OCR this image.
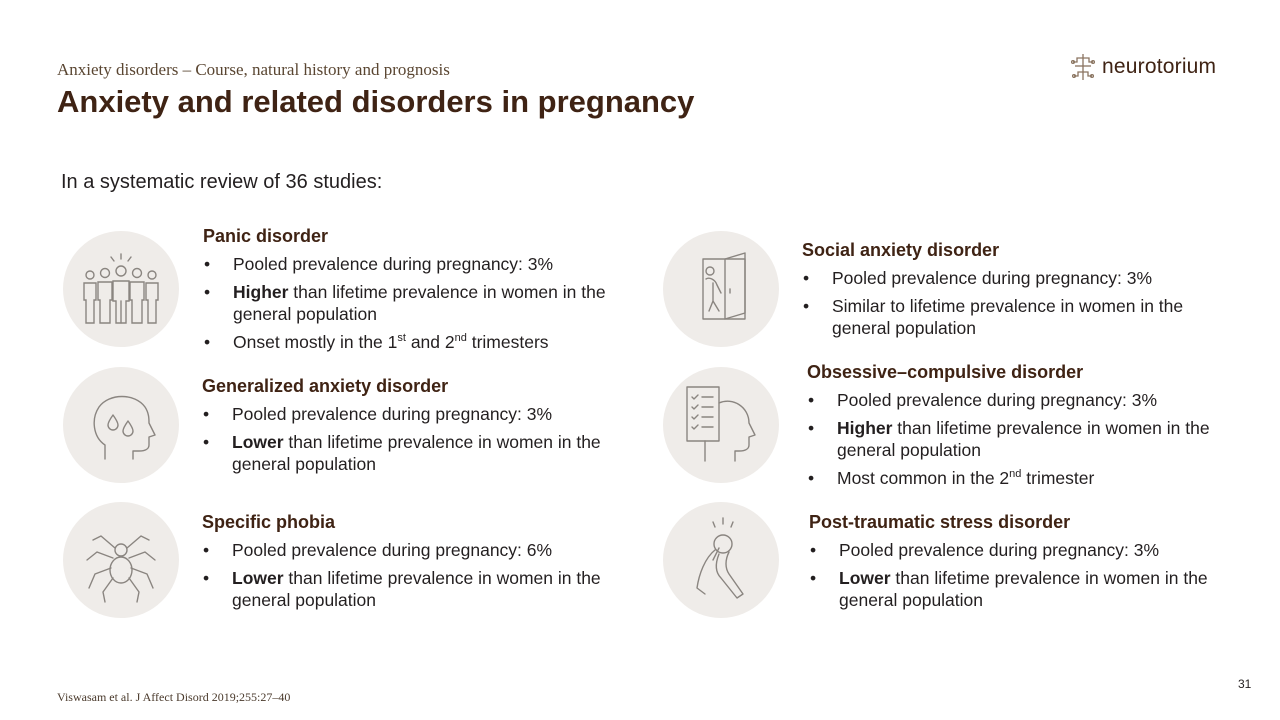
Anxiety disorders – Course, natural history and prognosis
Anxiety and related disorders in pregnancy
neurotorium
In a systematic review of 36 studies:
Panic disorder
• Pooled prevalence during pregnancy: 3%
• Higher than lifetime prevalence in women in the general population
• Onset mostly in the 1st and 2nd trimesters
Generalized anxiety disorder
• Pooled prevalence during pregnancy: 3%
• Lower than lifetime prevalence in women in the general population
Specific phobia
• Pooled prevalence during pregnancy: 6%
• Lower than lifetime prevalence in women in the general population
Social anxiety disorder
• Pooled prevalence during pregnancy: 3%
• Similar to lifetime prevalence in women in the general population
Obsessive–compulsive disorder
• Pooled prevalence during pregnancy: 3%
• Higher than lifetime prevalence in women in the general population
• Most common in the 2nd trimester
Post-traumatic stress disorder
• Pooled prevalence during pregnancy: 3%
• Lower than lifetime prevalence in women in the general population
Viswasam et al. J Affect Disord 2019;255:27–40
31
